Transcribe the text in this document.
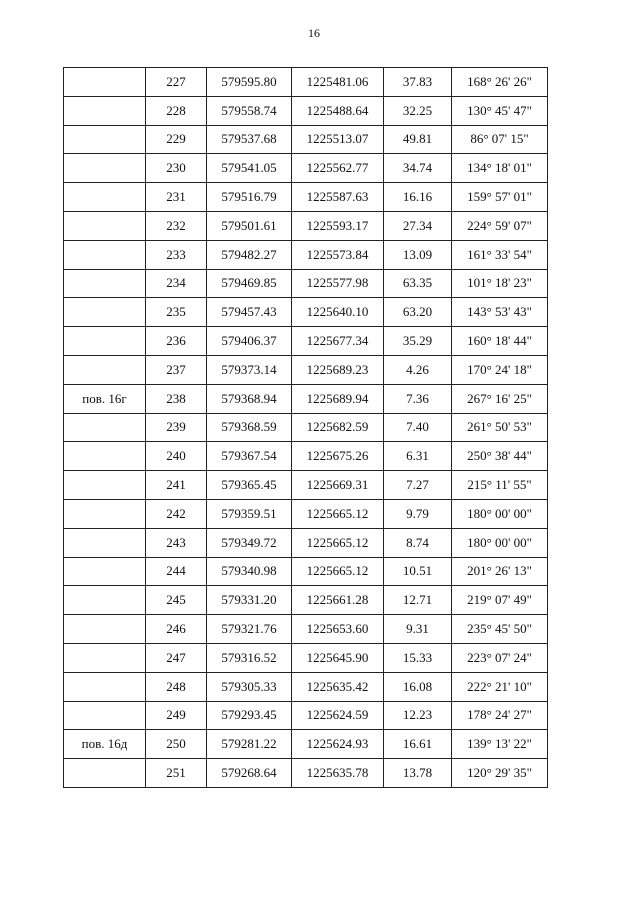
16
	227	579595.80	1225481.06	37.83	168° 26' 26"
	228	579558.74	1225488.64	32.25	130° 45' 47"
	229	579537.68	1225513.07	49.81	86° 07' 15"
	230	579541.05	1225562.77	34.74	134° 18' 01"
	231	579516.79	1225587.63	16.16	159° 57' 01"
	232	579501.61	1225593.17	27.34	224° 59' 07"
	233	579482.27	1225573.84	13.09	161° 33' 54"
	234	579469.85	1225577.98	63.35	101° 18' 23"
	235	579457.43	1225640.10	63.20	143° 53' 43"
	236	579406.37	1225677.34	35.29	160° 18' 44"
	237	579373.14	1225689.23	4.26	170° 24' 18"
пов. 16г	238	579368.94	1225689.94	7.36	267° 16' 25"
	239	579368.59	1225682.59	7.40	261° 50' 53"
	240	579367.54	1225675.26	6.31	250° 38' 44"
	241	579365.45	1225669.31	7.27	215° 11' 55"
	242	579359.51	1225665.12	9.79	180° 00' 00"
	243	579349.72	1225665.12	8.74	180° 00' 00"
	244	579340.98	1225665.12	10.51	201° 26' 13"
	245	579331.20	1225661.28	12.71	219° 07' 49"
	246	579321.76	1225653.60	9.31	235° 45' 50"
	247	579316.52	1225645.90	15.33	223° 07' 24"
	248	579305.33	1225635.42	16.08	222° 21' 10"
	249	579293.45	1225624.59	12.23	178° 24' 27"
пов. 16д	250	579281.22	1225624.93	16.61	139° 13' 22"
	251	579268.64	1225635.78	13.78	120° 29' 35"
